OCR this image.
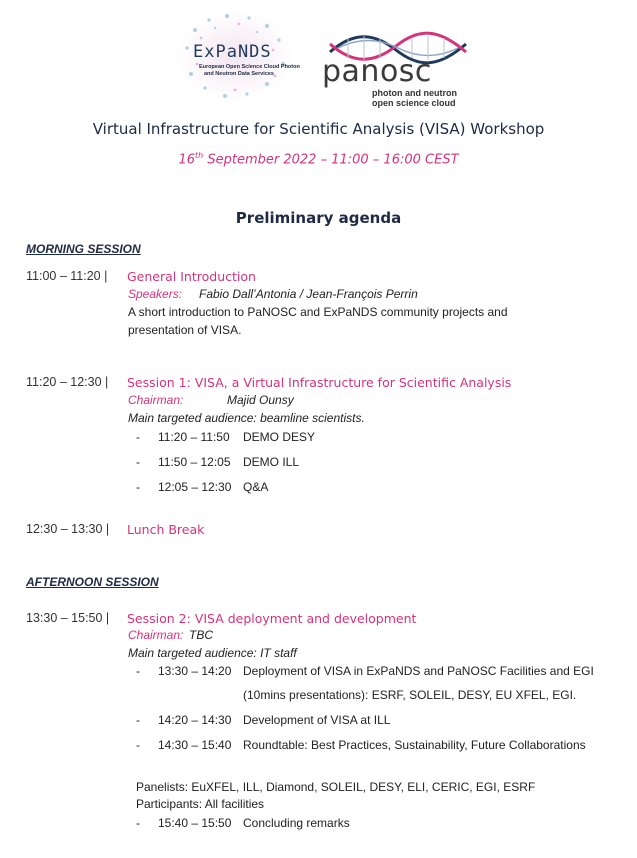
ExPaNDS
European Open Science Cloud Photon
and Neutron Data Services panosc
photon and neutron
open science cloud
Virtual Infrastructure for Scientific Analysis (VISA) Workshop
16th September 2022 – 11:00 – 16:00 CEST
Preliminary agenda
MORNING SESSION
11:00 – 11:20 | General Introduction
Speakers: Fabio Dall’Antonia / Jean-François Perrin
A short introduction to PaNOSC and ExPaNDS community projects and
presentation of VISA.
11:20 – 12:30 | Session 1: VISA, a Virtual Infrastructure for Scientific Analysis
Chairman:	Majid Ounsy
Main targeted audience: beamline scientists.
- 11:20 – 11:50 DEMO DESY
- 11:50 – 12:05 DEMO ILL
- 12:05 – 12:30 Q&A
12:30 – 13:30 | Lunch Break
AFTERNOON SESSION
13:30 – 15:50 | Session 2: VISA deployment and development
Chairman: TBC
Main targeted audience: IT staff
- 13:30 – 14:20 Deployment of VISA in ExPaNDS and PaNOSC Facilities and EGI
(10mins presentations): ESRF, SOLEIL, DESY, EU XFEL, EGI.
- 14:20 – 14:30 Development of VISA at ILL
- 14:30 – 15:40 Roundtable: Best Practices, Sustainability, Future Collaborations
Panelists: EuXFEL, ILL, Diamond, SOLEIL, DESY, ELI, CERIC, EGI, ESRF
Participants: All facilities
- 15:40 – 15:50 Concluding remarks
